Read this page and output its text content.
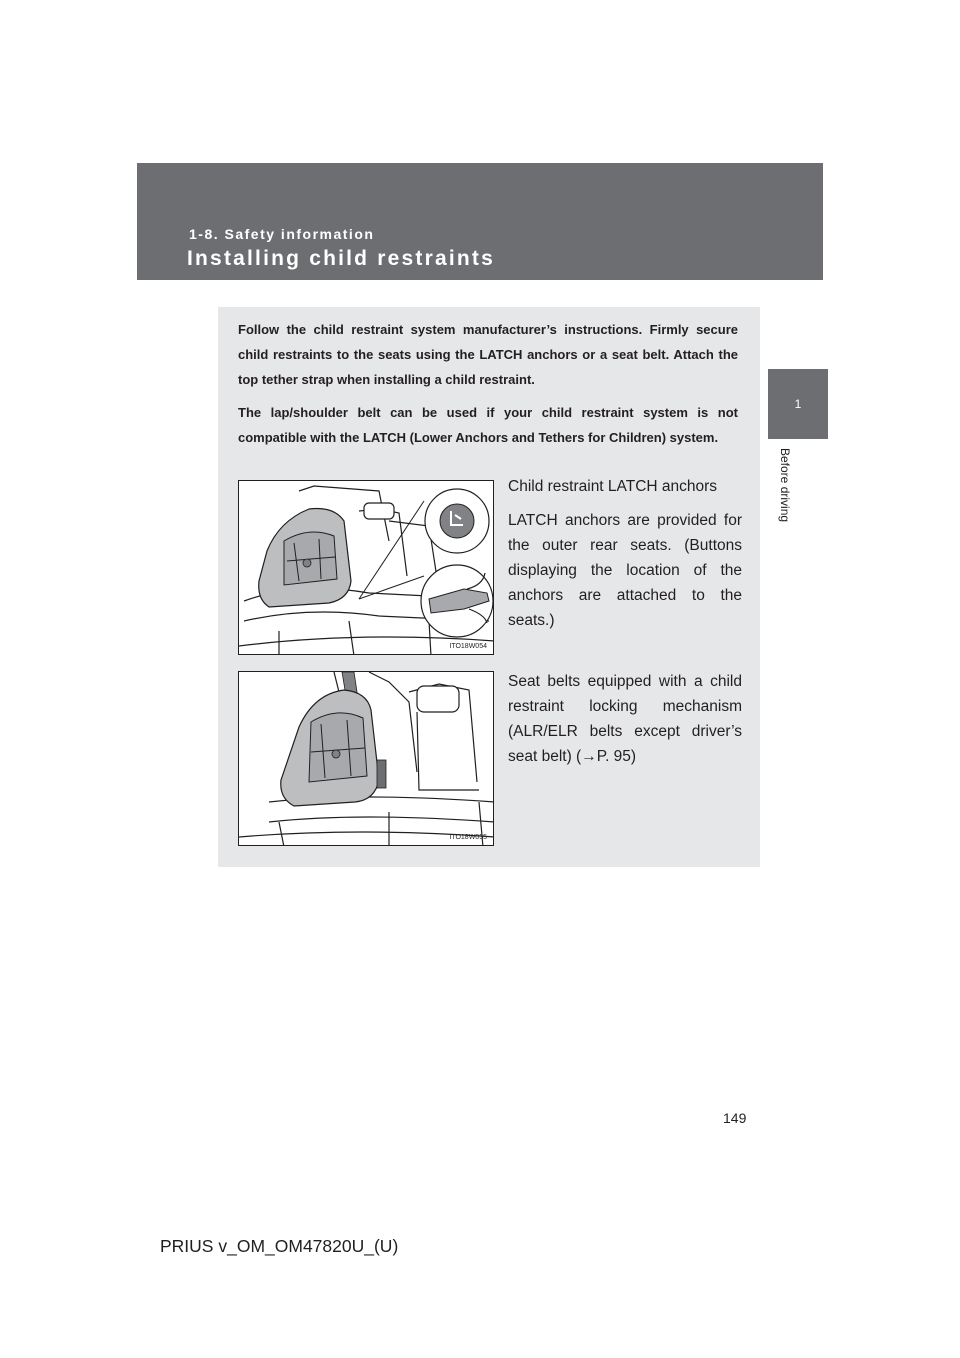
1-8. Safety information
Installing child restraints
1
Before driving

Follow the child restraint system manufacturer’s instructions. Firmly secure child restraints to the seats using the LATCH anchors or a seat belt. Attach the top tether strap when installing a child restraint.

The lap/shoulder belt can be used if your child restraint system is not compatible with the LATCH (Lower Anchors and Tethers for Children) system.

ITO18W054
Child restraint LATCH anchors
LATCH anchors are provided for the outer rear seats. (Buttons displaying the location of the anchors are attached to the seats.)
ITO18W055
Seat belts equipped with a child restraint locking mechanism (ALR/ELR belts except driver’s seat belt) (→P. 95)
149
PRIUS v_OM_OM47820U_(U)
